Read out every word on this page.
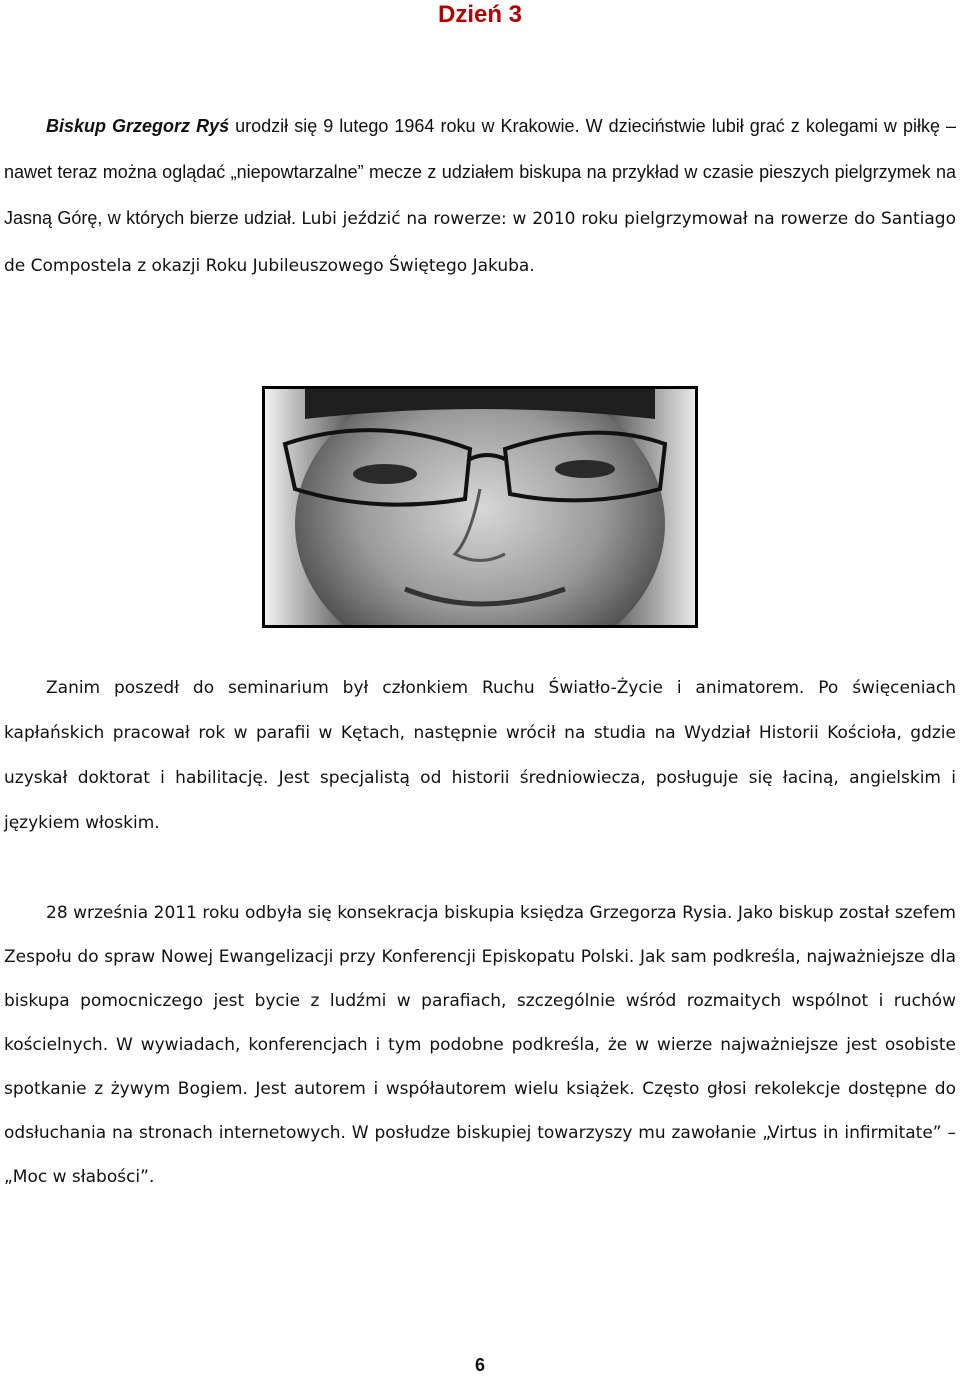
Dzień 3

Biskup Grzegorz Ryś urodził się 9 lutego 1964 roku w Krakowie. W dzieciństwie lubił grać z kolegami w piłkę – nawet teraz można oglądać „niepowtarzalne” mecze z udziałem biskupa na przykład w czasie pieszych pielgrzymek na Jasną Górę, w których bierze udział. Lubi jeździć na rowerze: w 2010 roku pielgrzymował na rowerze do Santiago de Compostela z okazji Roku Jubileuszowego Świętego Jakuba.

Zanim poszedł do seminarium był członkiem Ruchu Światło-Życie i animatorem. Po święceniach kapłańskich pracował rok w parafii w Kętach, następnie wrócił na studia na Wydział Historii Kościoła, gdzie uzyskał doktorat i habilitację. Jest specjalistą od historii średniowiecza, posługuje się łaciną, angielskim i językiem włoskim.

28 września 2011 roku odbyła się konsekracja biskupia księdza Grzegorza Rysia. Jako biskup został szefem Zespołu do spraw Nowej Ewangelizacji przy Konferencji Episkopatu Polski. Jak sam podkreśla, najważniejsze dla biskupa pomocniczego jest bycie z ludźmi w parafiach, szczególnie wśród rozmaitych wspólnot i ruchów kościelnych. W wywiadach, konferencjach i tym podobne podkreśla, że w wierze najważniejsze jest osobiste spotkanie z żywym Bogiem. Jest autorem i współautorem wielu książek. Często głosi rekolekcje dostępne do odsłuchania na stronach internetowych. W posłudze biskupiej towarzyszy mu zawołanie „Virtus in infirmitate” – „Moc w słabości”.

6
